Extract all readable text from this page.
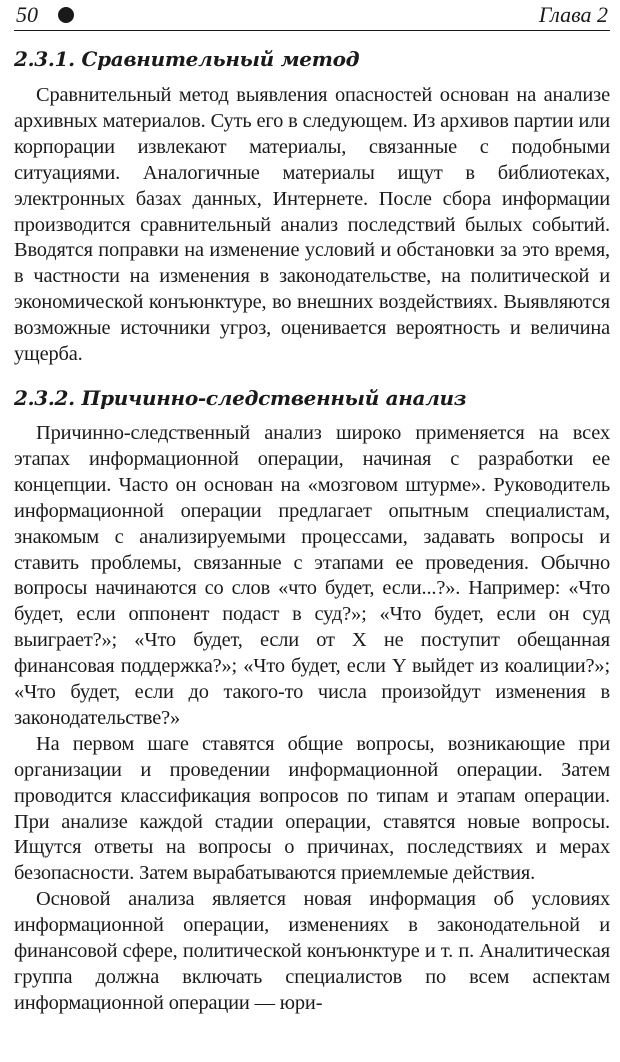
50	Глава 2
2.3.1. Сравнительный метод

Сравнительный метод выявления опасностей основан на анализе архивных материалов. Суть его в следующем. Из архивов партии или корпорации извлекают материалы, связанные с подобными ситуациями. Аналогичные материалы ищут в библиотеках, электронных базах данных, Интернете. После сбора информации производится сравнительный анализ последствий былых событий. Вводятся поправки на изменение условий и обстановки за это время, в частности на изменения в законодательстве, на политической и экономической конъюнктуре, во внешних воздействиях. Выявляются возможные источники угроз, оценивается вероятность и величина ущерба.

2.3.2. Причинно-следственный анализ

Причинно-следственный анализ широко применяется на всех этапах информационной операции, начиная с разработки ее концепции. Часто он основан на «мозговом штурме». Руководитель информационной операции предлагает опытным специалистам, знакомым с анализируемыми процессами, задавать вопросы и ставить проблемы, связанные с этапами ее проведения. Обычно вопросы начинаются со слов «что будет, если...?». Например: «Что будет, если оппонент подаст в суд?»; «Что будет, если он суд выиграет?»; «Что будет, если от X не поступит обещанная финансовая поддержка?»; «Что будет, если Y выйдет из коалиции?»; «Что будет, если до такого-то числа произойдут изменения в законодательстве?»

На первом шаге ставятся общие вопросы, возникающие при организации и проведении информационной операции. Затем проводится классификация вопросов по типам и этапам операции. При анализе каждой стадии операции, ставятся новые вопросы. Ищутся ответы на вопросы о причинах, последствиях и мерах безопасности. Затем вырабатываются приемлемые действия.

Основой анализа является новая информация об условиях информационной операции, изменениях в законодательной и финансовой сфере, политической конъюнктуре и т. п. Аналитическая группа должна включать специалистов по всем аспектам информационной операции — юри-
